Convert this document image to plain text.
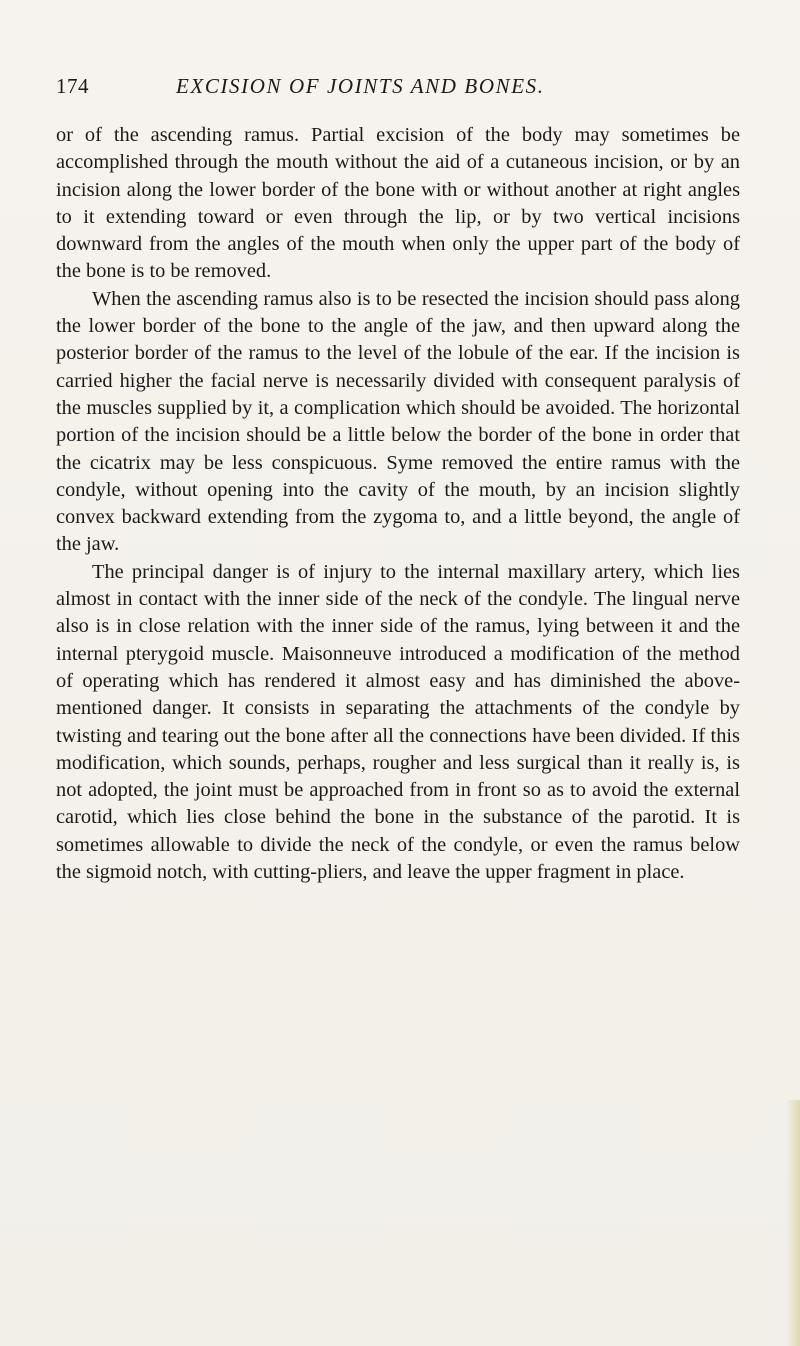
174	EXCISION OF JOINTS AND BONES.

or of the ascending ramus. Partial excision of the body may sometimes be accomplished through the mouth without the aid of a cutaneous incision, or by an incision along the lower border of the bone with or without another at right angles to it extending toward or even through the lip, or by two vertical incisions downward from the angles of the mouth when only the upper part of the body of the bone is to be removed.

When the ascending ramus also is to be resected the incision should pass along the lower border of the bone to the angle of the jaw, and then upward along the posterior border of the ramus to the level of the lobule of the ear. If the incision is carried higher the facial nerve is necessarily divided with consequent paralysis of the muscles supplied by it, a complication which should be avoided. The horizontal portion of the incision should be a little below the border of the bone in order that the cicatrix may be less conspicuous. Syme removed the entire ramus with the condyle, without opening into the cavity of the mouth, by an incision slightly convex backward extending from the zygoma to, and a little beyond, the angle of the jaw.

The principal danger is of injury to the internal maxillary artery, which lies almost in contact with the inner side of the neck of the condyle. The lingual nerve also is in close relation with the inner side of the ramus, lying between it and the internal pterygoid muscle. Maisonneuve introduced a modification of the method of operating which has rendered it almost easy and has diminished the above-mentioned danger. It consists in separating the attachments of the condyle by twisting and tearing out the bone after all the connections have been divided. If this modification, which sounds, perhaps, rougher and less surgical than it really is, is not adopted, the joint must be approached from in front so as to avoid the external carotid, which lies close behind the bone in the substance of the parotid. It is sometimes allowable to divide the neck of the condyle, or even the ramus below the sigmoid notch, with cutting-pliers, and leave the upper fragment in place.
